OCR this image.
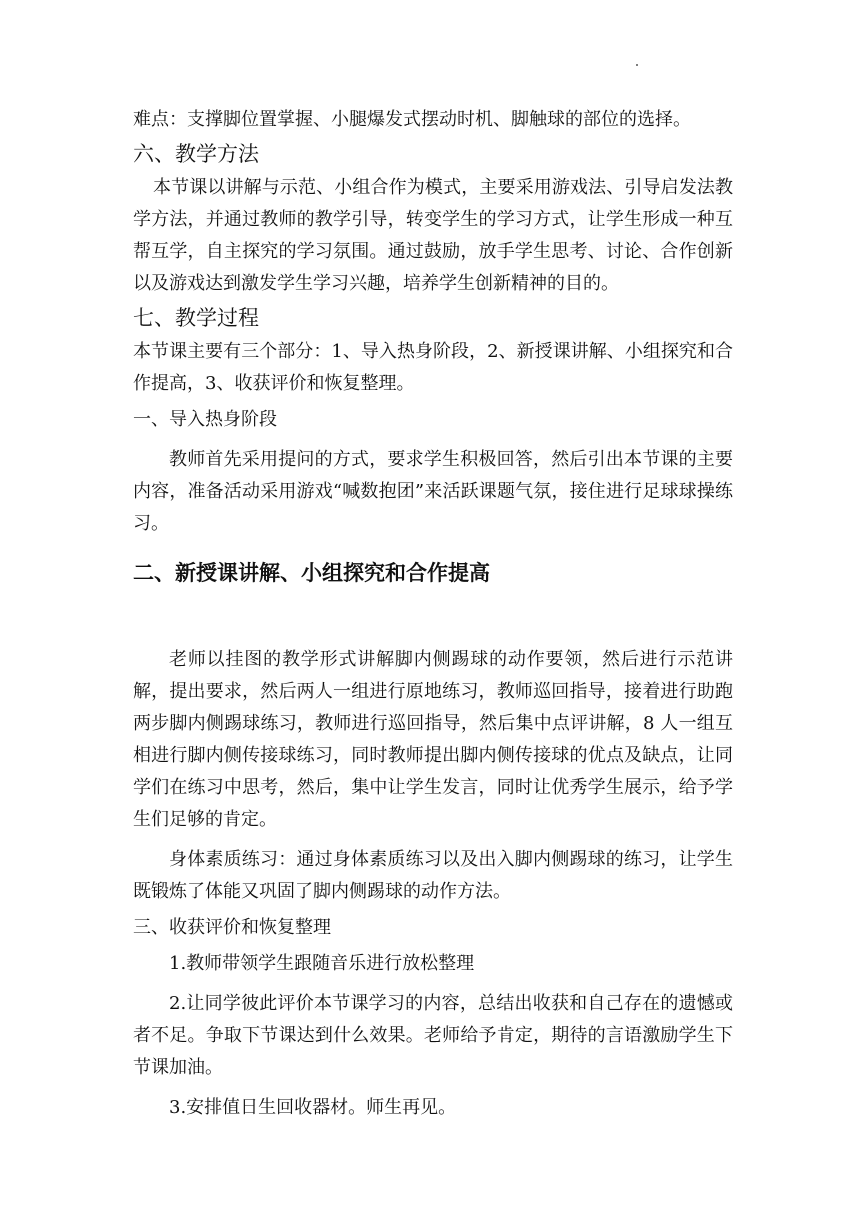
难点：支撑脚位置掌握、小腿爆发式摆动时机、脚触球的部位的选择。

六、教学方法

本节课以讲解与示范、小组合作为模式，主要采用游戏法、引导启发法教学方法，并通过教师的教学引导，转变学生的学习方式，让学生形成一种互帮互学，自主探究的学习氛围。通过鼓励，放手学生思考、讨论、合作创新以及游戏达到激发学生学习兴趣，培养学生创新精神的目的。

七、教学过程

本节课主要有三个部分：1、导入热身阶段，2、新授课讲解、小组探究和合作提高，3、收获评价和恢复整理。

一、导入热身阶段

教师首先采用提问的方式，要求学生积极回答，然后引出本节课的主要内容，准备活动采用游戏“喊数抱团”来活跃课题气氛，接住进行足球球操练习。

二、新授课讲解、小组探究和合作提高

老师以挂图的教学形式讲解脚内侧踢球的动作要领，然后进行示范讲解，提出要求，然后两人一组进行原地练习，教师巡回指导，接着进行助跑两步脚内侧踢球练习，教师进行巡回指导，然后集中点评讲解，8 人一组互相进行脚内侧传接球练习，同时教师提出脚内侧传接球的优点及缺点，让同学们在练习中思考，然后，集中让学生发言，同时让优秀学生展示，给予学生们足够的肯定。

身体素质练习：通过身体素质练习以及出入脚内侧踢球的练习，让学生既锻炼了体能又巩固了脚内侧踢球的动作方法。

三、收获评价和恢复整理

1.教师带领学生跟随音乐进行放松整理

2.让同学彼此评价本节课学习的内容，总结出收获和自己存在的遗憾或者不足。争取下节课达到什么效果。老师给予肯定，期待的言语激励学生下节课加油。

3.安排值日生回收器材。师生再见。
